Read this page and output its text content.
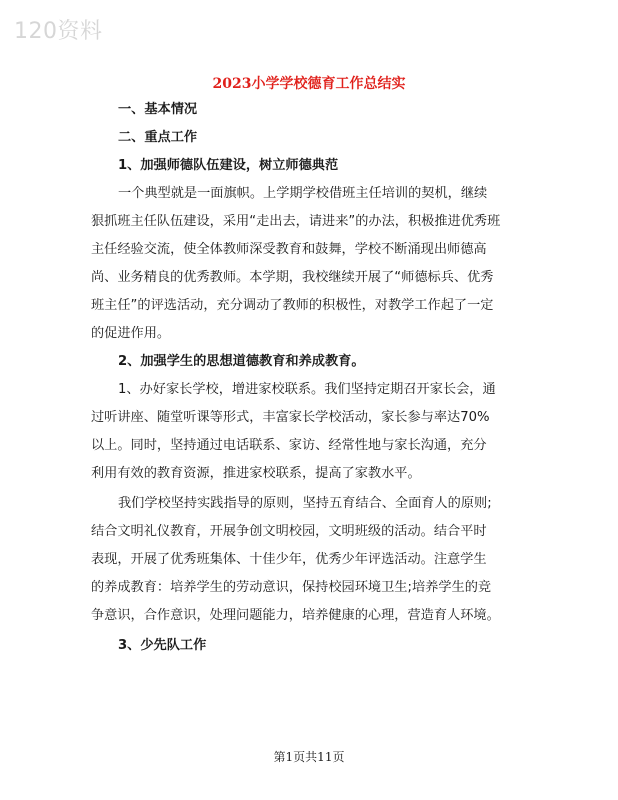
120资料
2023小学学校德育工作总结实
一、基本情况
二、重点工作
1、加强师德队伍建设，树立师德典范
一个典型就是一面旗帜。上学期学校借班主任培训的契机，继续
狠抓班主任队伍建设，采用“走出去，请进来”的办法，积极推进优秀班
主任经验交流，使全体教师深受教育和鼓舞，学校不断涌现出师德高
尚、业务精良的优秀教师。本学期，我校继续开展了“师德标兵、优秀
班主任”的评选活动，充分调动了教师的积极性，对教学工作起了一定
的促进作用。
2、加强学生的思想道德教育和养成教育。
1、办好家长学校，增进家校联系。我们坚持定期召开家长会，通
过听讲座、随堂听课等形式，丰富家长学校活动，家长参与率达70%
以上。同时，坚持通过电话联系、家访、经常性地与家长沟通，充分
利用有效的教育资源，推进家校联系，提高了家教水平。
我们学校坚持实践指导的原则，坚持五育结合、全面育人的原则;
结合文明礼仪教育，开展争创文明校园，文明班级的活动。结合平时
表现，开展了优秀班集体、十佳少年，优秀少年评选活动。注意学生
的养成教育：培养学生的劳动意识，保持校园环境卫生;培养学生的竞
争意识，合作意识，处理问题能力，培养健康的心理，营造育人环境。
3、少先队工作
第1页共11页
